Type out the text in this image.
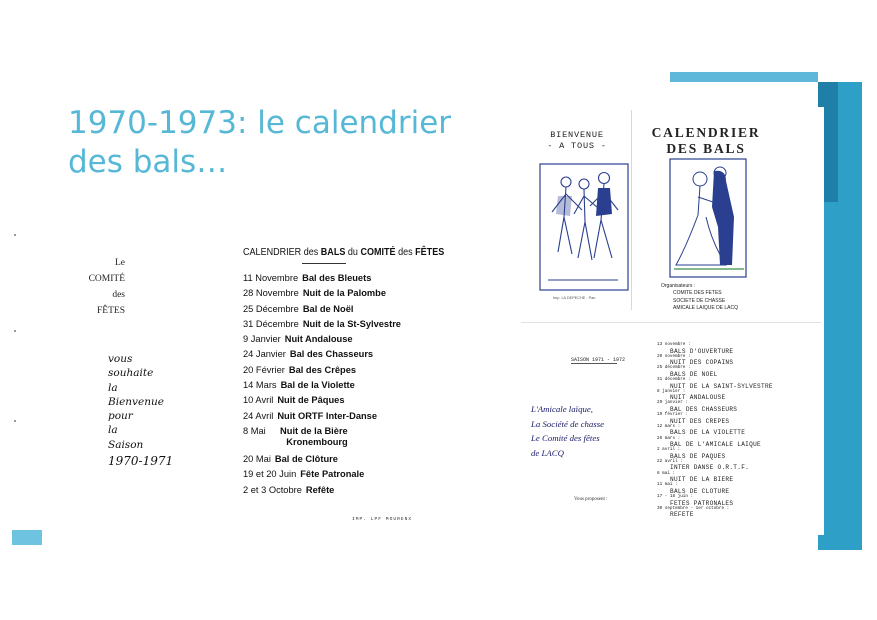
1970-1973: le calendrier des bals…
Le
COMITÉ
des
FÊTES
vous
souhaite
la
Bienvenue
pour
la
Saison
1970-1971
CALENDRIER des BALS du COMITÉ des FÊTES
11 Novembre Bal des Bleuets
28 Novembre Nuit de la Palombe
25 Décembre Bal de Noël
31 Décembre Nuit de la St-Sylvestre
9 Janvier Nuit Andalouse
24 Janvier Bal des Chasseurs
20 Février Bal des Crêpes
14 Mars Bal de la Violette
10 Avril Nuit de Pâques
24 Avril Nuit ORTF Inter-Danse
8 Mai	Nuit de la Bière Kronembourg
20 Mai Bal de Clôture
19 et 20 Juin Fête Patronale
2 et 3 Octobre Refête
IMP. LPF MOURENX
BIENVENUE
- A TOUS -
Imp. LA DEPECHE - Pau
CALENDRIER
DES BALS
Organisateurs :
COMITE DES FETES
SOCIETE DE CHASSE
AMICALE LAIQUE DE LACQ
SAISON 1971 - 1972
L'Amicale laïque,
La Société de chasse
Le Comité des fêtes
de LACQ
Vous proposent :
13 novembre :
BALS D'OUVERTURE
20 novembre :
NUIT DES COPAINS
25 décembre :
BALS DE NOEL
31 décembre :
NUIT DE LA SAINT-SYLVESTRE
8 janvier :
NUIT ANDALOUSE
29 janvier :
BAL DES CHASSEURS
19 février :
NUIT DES CREPES
12 mars :
BALS DE LA VIOLETTE
26 mars :
BAL DE L'AMICALE LAIQUE
2 avril :
BALS DE PAQUES
22 avril :
INTER DANSE O.R.T.F.
6 mai :
NUIT DE LA BIERE
11 mai :
BALS DE CLOTURE
17 - 18 juin :
FETES PATRONALES
30 septembre - 1er octobre :
REFETE
